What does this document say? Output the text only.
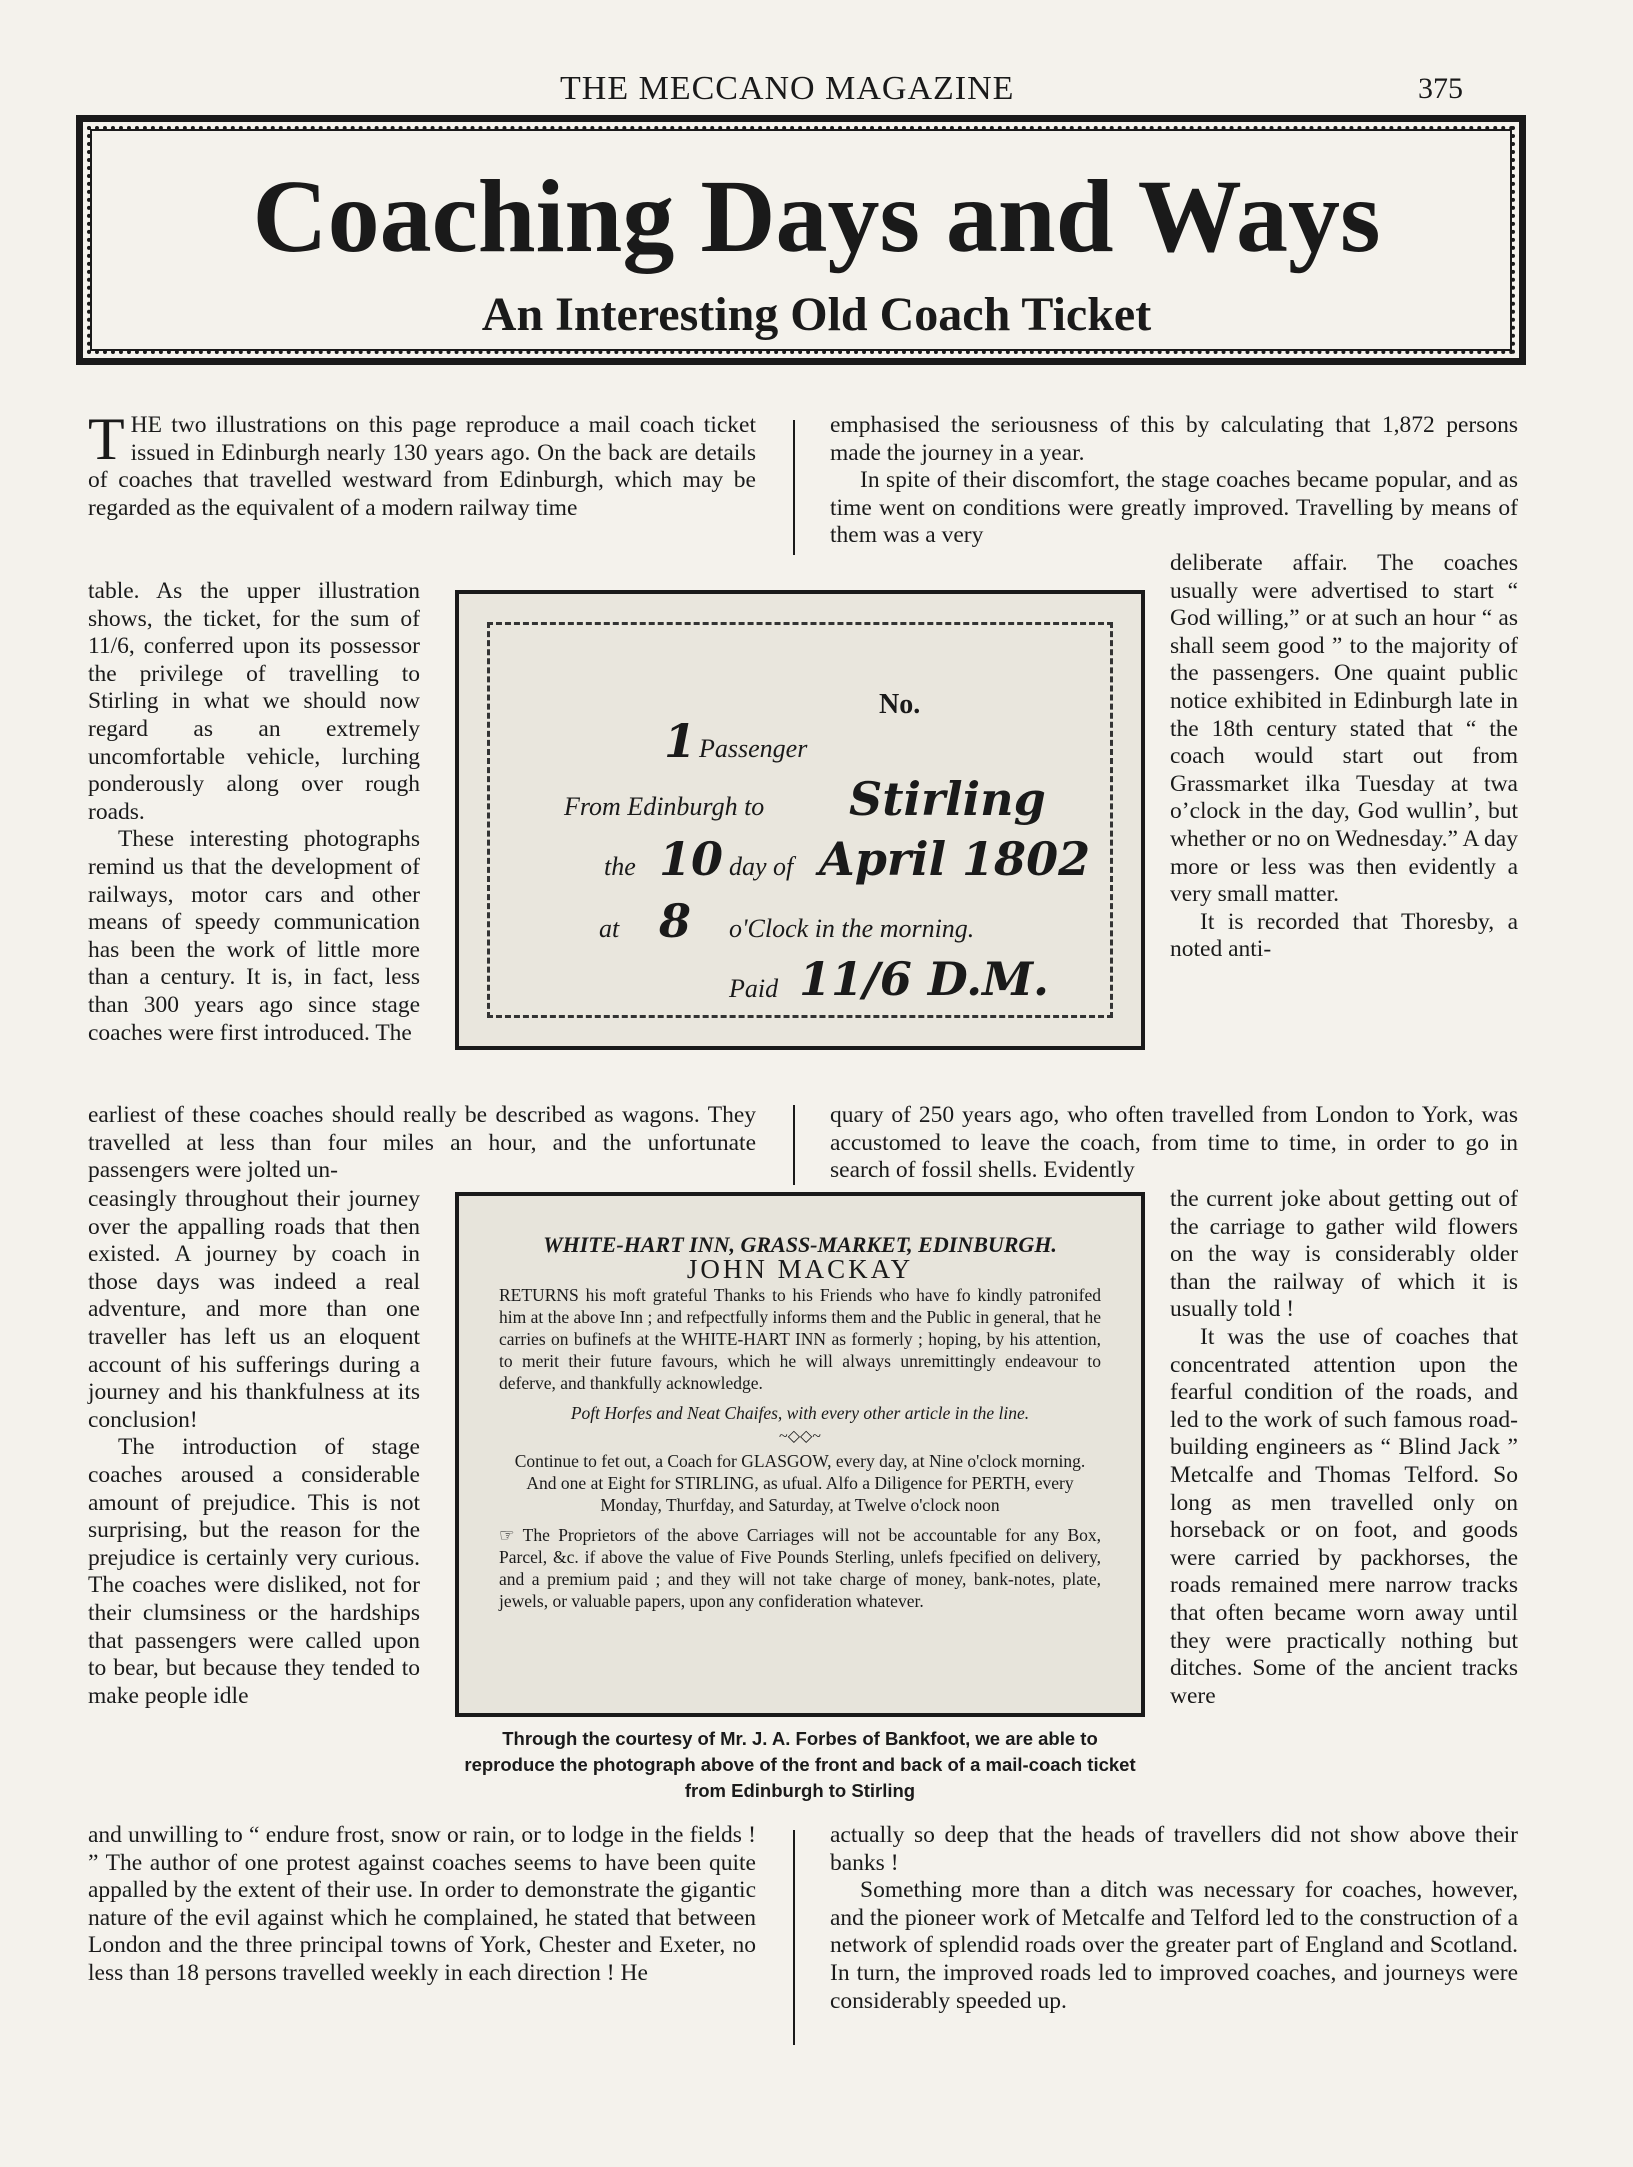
THE MECCANO MAGAZINE	375
Coaching Days and Ways
An Interesting Old Coach Ticket

THE two illustrations on this page reproduce a mail coach ticket issued in Edinburgh nearly 130 years ago. On the back are details of coaches that travelled westward from Edinburgh, which may be regarded as the equivalent of a modern railway time

table. As the upper illustration shows, the ticket, for the sum of 11/6, conferred upon its possessor the privilege of travelling to Stirling in what we should now regard as an extremely uncomfortable vehicle, lurching ponderously along over rough roads.

These interesting photographs remind us that the development of railways, motor cars and other means of speedy communication has been the work of little more than a century. It is, in fact, less than 300 years ago since stage coaches were first introduced. The

earliest of these coaches should really be described as wagons. They travelled at less than four miles an hour, and the unfortunate passengers were jolted un-

ceasingly throughout their journey over the appalling roads that then existed. A journey by coach in those days was indeed a real adventure, and more than one traveller has left us an eloquent account of his sufferings during a journey and his thankfulness at its conclusion!

The introduction of stage coaches aroused a considerable amount of prejudice. This is not surprising, but the reason for the prejudice is certainly very curious. The coaches were disliked, not for their clumsiness or the hardships that passengers were called upon to bear, but because they tended to make people idle

and unwilling to “ endure frost, snow or rain, or to lodge in the fields ! ” The author of one protest against coaches seems to have been quite appalled by the extent of their use. In order to demonstrate the gigantic nature of the evil against which he complained, he stated that between London and the three principal towns of York, Chester and Exeter, no less than 18 persons travelled weekly in each direction ! He

emphasised the seriousness of this by calculating that 1,872 persons made the journey in a year.

In spite of their discomfort, the stage coaches became popular, and as time went on conditions were greatly improved. Travelling by means of them was a very

deliberate affair. The coaches usually were advertised to start “ God willing,” or at such an hour “ as shall seem good ” to the majority of the passengers. One quaint public notice exhibited in Edinburgh late in the 18th century stated that “ the coach would start out from Grassmarket ilka Tuesday at twa o’clock in the day, God wullin’, but whether or no on Wednesday.” A day more or less was then evidently a very small matter.

It is recorded that Thoresby, a noted anti-

quary of 250 years ago, who often travelled from London to York, was accustomed to leave the coach, from time to time, in order to go in search of fossil shells. Evidently

the current joke about getting out of the carriage to gather wild flowers on the way is considerably older than the railway of which it is usually told !

It was the use of coaches that concentrated attention upon the fearful condition of the roads, and led to the work of such famous road-building engineers as “ Blind Jack ” Metcalfe and Thomas Telford. So long as men travelled only on horseback or on foot, and goods were carried by packhorses, the roads remained mere narrow tracks that often became worn away until they were practically nothing but ditches. Some of the ancient tracks were

actually so deep that the heads of travellers did not show above their banks !

Something more than a ditch was necessary for coaches, however, and the pioneer work of Metcalfe and Telford led to the construction of a network of splendid roads over the greater part of England and Scotland. In turn, the improved roads led to improved coaches, and journeys were considerably speeded up.

No.
1 Passenger
From Edinburgh to Stirling
the 10 day of April 1802
at 8 o'Clock in the morning.
Paid 11/6 D.M.
WHITE-HART INN, GRASS-MARKET, EDINBURGH.
JOHN MACKAY

RETURNS his moft grateful Thanks to his Friends who have fo kindly patronifed him at the above Inn ; and refpectfully informs them and the Public in general, that he carries on bufinefs at the WHITE-HART INN as formerly ; hoping, by his attention, to merit their future favours, which he will always unremittingly endeavour to deferve, and thankfully acknowledge.

Poft Horfes and Neat Chaifes, with every other article in the line.
~◇◇~

Continue to fet out, a Coach for GLASGOW, every day, at Nine o'clock morning. And one at Eight for STIRLING, as ufual. Alfo a Diligence for PERTH, every Monday, Thurfday, and Saturday, at Twelve o'clock noon

☞ The Proprietors of the above Carriages will not be accountable for any Box, Parcel, &c. if above the value of Five Pounds Sterling, unlefs fpecified on delivery, and a premium paid ; and they will not take charge of money, bank-notes, plate, jewels, or valuable papers, upon any confideration whatever.

Through the courtesy of Mr. J. A. Forbes of Bankfoot, we are able to reproduce the photograph above of the front and back of a mail-coach ticket from Edinburgh to Stirling
